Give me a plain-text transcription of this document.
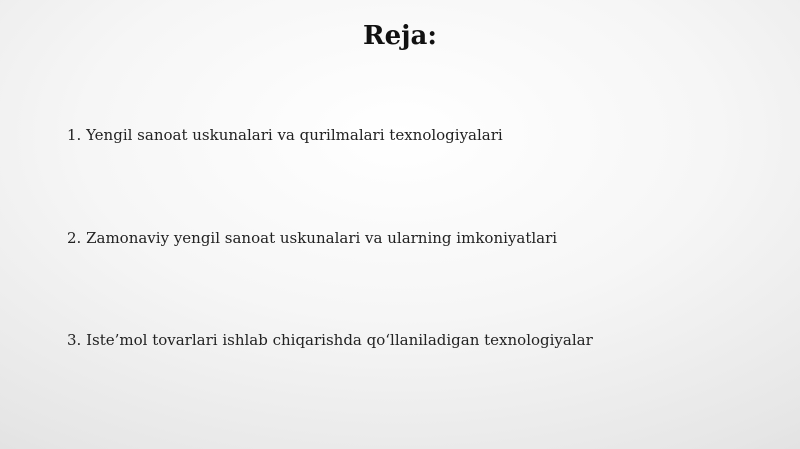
Reja:
1. Yengil sanoat uskunalari va qurilmalari texnologiyalari
2. Zamonaviy yengil sanoat uskunalari va ularning imkoniyatlari
3. Iste’mol tovarlari ishlab chiqarishda qo‘llaniladigan texnologiyalar
